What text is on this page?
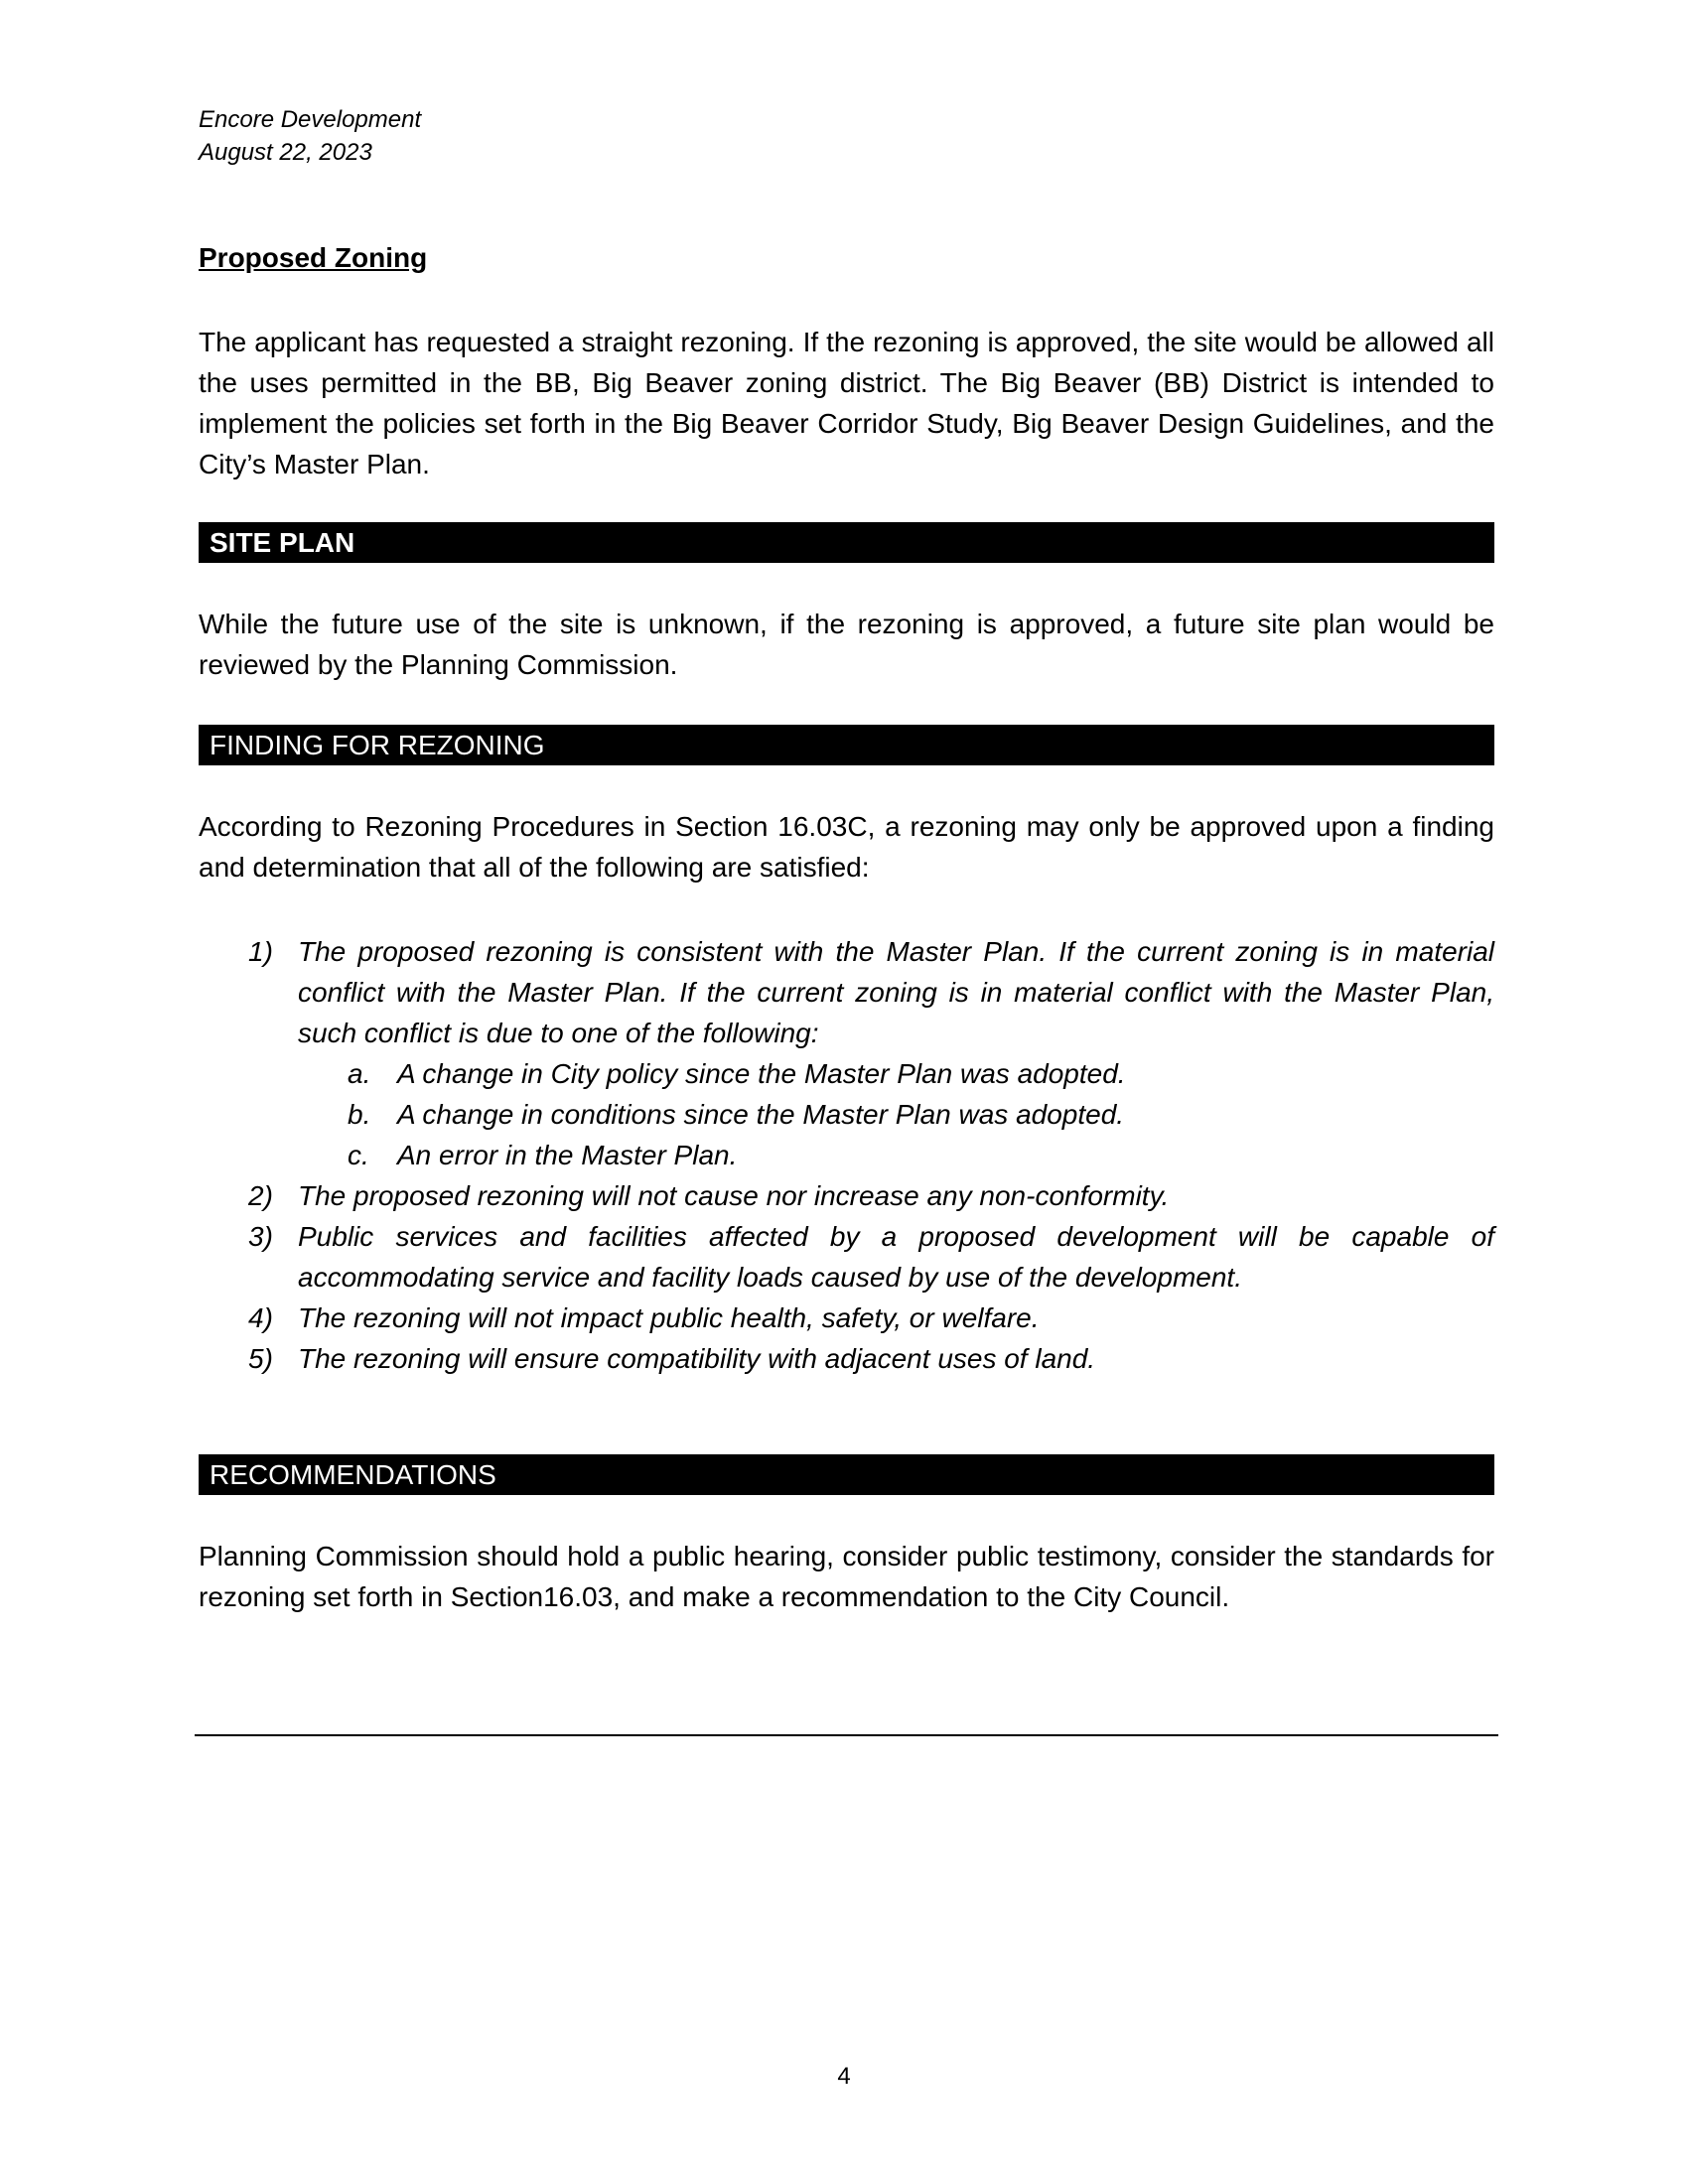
Encore Development
August 22, 2023
Proposed Zoning
The applicant has requested a straight rezoning. If the rezoning is approved, the site would be allowed all the uses permitted in the BB, Big Beaver zoning district. The Big Beaver (BB) District is intended to implement the policies set forth in the Big Beaver Corridor Study, Big Beaver Design Guidelines, and the City’s Master Plan.
SITE PLAN
While the future use of the site is unknown, if the rezoning is approved, a future site plan would be reviewed by the Planning Commission.
FINDING FOR REZONING
According to Rezoning Procedures in Section 16.03C, a rezoning may only be approved upon a finding and determination that all of the following are satisfied:
1) The proposed rezoning is consistent with the Master Plan. If the current zoning is in material conflict with the Master Plan. If the current zoning is in material conflict with the Master Plan, such conflict is due to one of the following:
a. A change in City policy since the Master Plan was adopted.
b. A change in conditions since the Master Plan was adopted.
c. An error in the Master Plan.
2) The proposed rezoning will not cause nor increase any non-conformity.
3) Public services and facilities affected by a proposed development will be capable of accommodating service and facility loads caused by use of the development.
4) The rezoning will not impact public health, safety, or welfare.
5) The rezoning will ensure compatibility with adjacent uses of land.
RECOMMENDATIONS
Planning Commission should hold a public hearing, consider public testimony, consider the standards for rezoning set forth in Section16.03, and make a recommendation to the City Council.
4
